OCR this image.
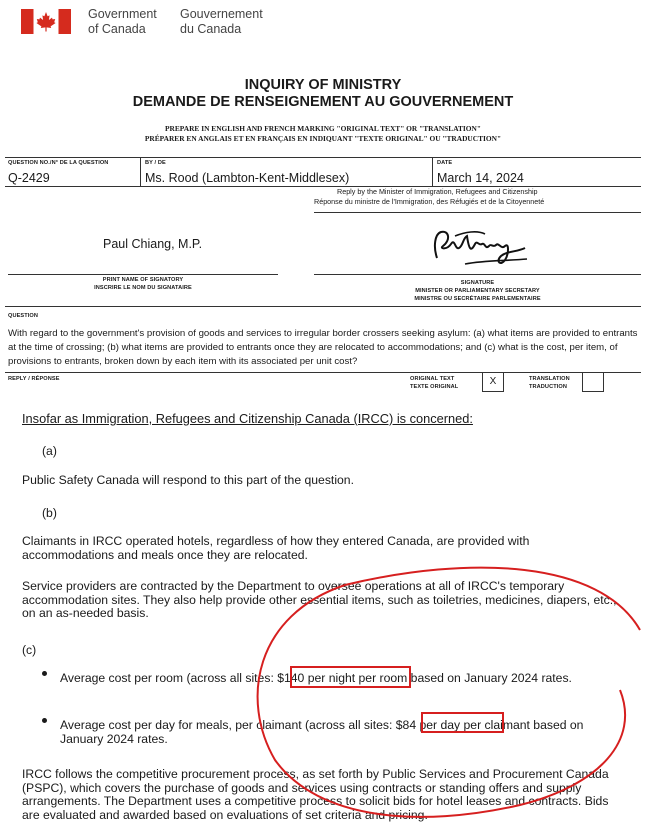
Government
of Canada
Gouvernement
du Canada
INQUIRY OF MINISTRY
DEMANDE DE RENSEIGNEMENT AU GOUVERNEMENT
PREPARE IN ENGLISH AND FRENCH MARKING "ORIGINAL TEXT" OR "TRANSLATION"
PRÉPARER EN ANGLAIS ET EN FRANÇAIS EN INDIQUANT "TEXTE ORIGINAL" OU "TRADUCTION"
QUESTION NO./N° DE LA QUESTION
Q-2429
BY / DE
Ms. Rood (Lambton-Kent-Middlesex)
DATE
March 14, 2024
Reply by the Minister of Immigration, Refugees and Citizenship
Réponse du ministre de l'Immigration, des Réfugiés et de la Citoyenneté
Paul Chiang, M.P.
PRINT NAME OF SIGNATORY
INSCRIRE LE NOM DU SIGNATAIRE
SIGNATURE
MINISTER OR PARLIAMENTARY SECRETARY
MINISTRE OU SECRÉTAIRE PARLEMENTAIRE
QUESTION
With regard to the government's provision of goods and services to irregular border crossers seeking asylum: (a) what items are provided to entrants at the time of crossing; (b) what items are provided to entrants once they are relocated to accommodations; and (c) what is the cost, per item, of provisions to entrants, broken down by each item with its associated per unit cost?
REPLY / RÉPONSE	ORIGINAL TEXT
TEXTE ORIGINAL	X	TRANSLATION
TRADUCTION
Insofar as Immigration, Refugees and Citizenship Canada (IRCC) is concerned:
(a)
Public Safety Canada will respond to this part of the question.
(b)
Claimants in IRCC operated hotels, regardless of how they entered Canada, are provided with accommodations and meals once they are relocated.
Service providers are contracted by the Department to oversee operations at all of IRCC's temporary accommodation sites. They also help provide other essential items, such as toiletries, medicines, diapers, etc., on an as-needed basis.
(c)
Average cost per room (across all sites: $140 per night per room based on January 2024 rates.
Average cost per day for meals, per claimant (across all sites: $84 per day per claimant based on January 2024 rates.
IRCC follows the competitive procurement process, as set forth by Public Services and Procurement Canada (PSPC), which covers the purchase of goods and services using contracts or standing offers and supply arrangements. The Department uses a competitive process to solicit bids for hotel leases and contracts. Bids are evaluated and awarded based on evaluations of set criteria and pricing.
